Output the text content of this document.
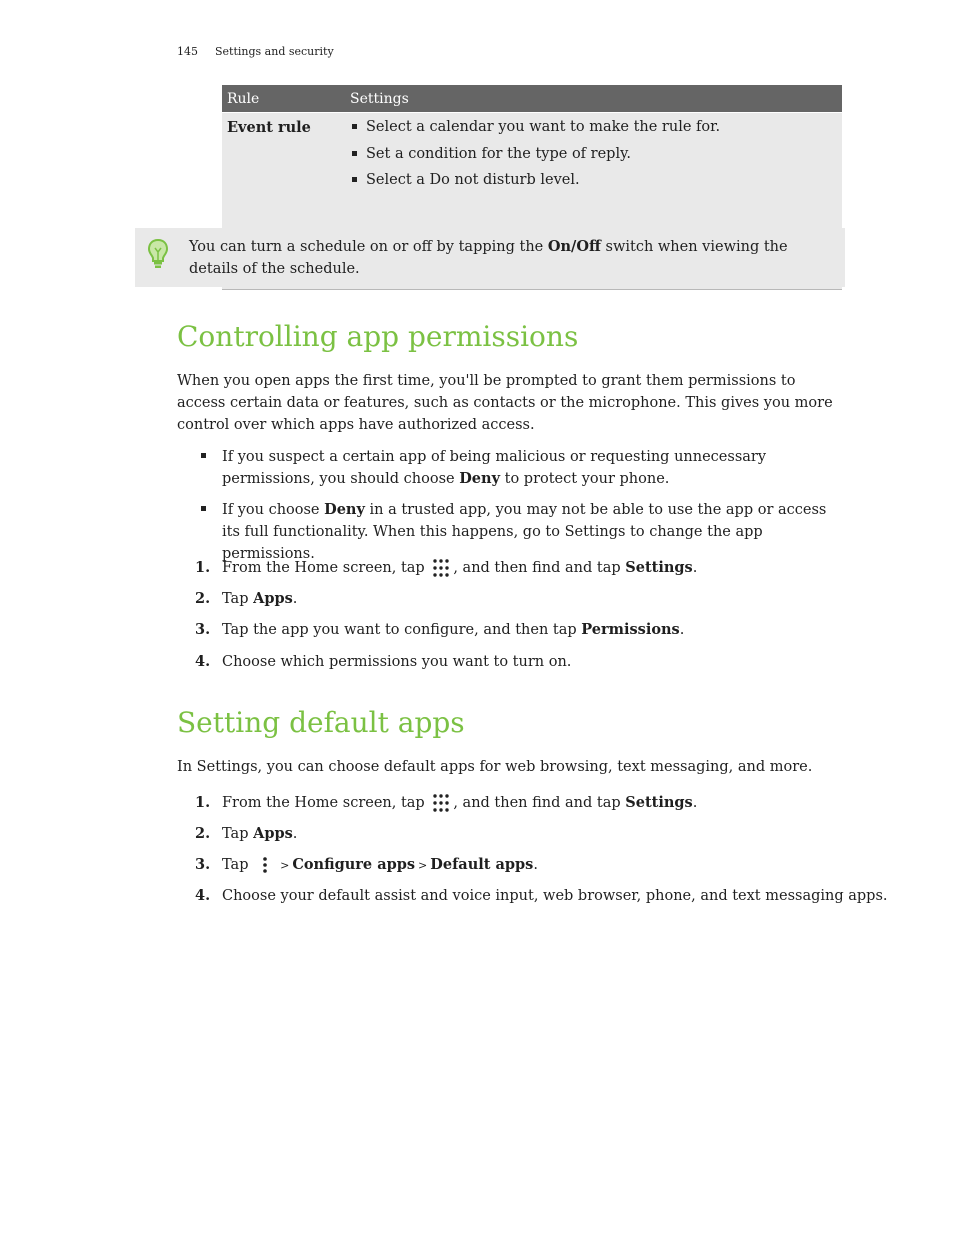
145 Settings and security
Rule	Settings
Event rule	Select a calendar you want to make the rule for.
Set a condition for the type of reply.
Select a Do not disturb level.
You can turn a schedule on or off by tapping the On/Off switch when viewing the details of the schedule.
Controlling app permissions

When you open apps the first time, you'll be prompted to grant them permissions to access certain data or features, such as contacts or the microphone. This gives you more control over which apps have authorized access.

If you suspect a certain app of being malicious or requesting unnecessary permissions, you should choose Deny to protect your phone.
If you choose Deny in a trusted app, you may not be able to use the app or access its full functionality. When this happens, go to Settings to change the app permissions.
1. From the Home screen, tap , and then find and tap Settings.
2. Tap Apps.
3. Tap the app you want to configure, and then tap Permissions.
4. Choose which permissions you want to turn on.
Setting default apps

In Settings, you can choose default apps for web browsing, text messaging, and more.

1. From the Home screen, tap , and then find and tap Settings.
2. Tap Apps.
3. Tap	> Configure apps > Default apps.
4. Choose your default assist and voice input, web browser, phone, and text messaging apps.
